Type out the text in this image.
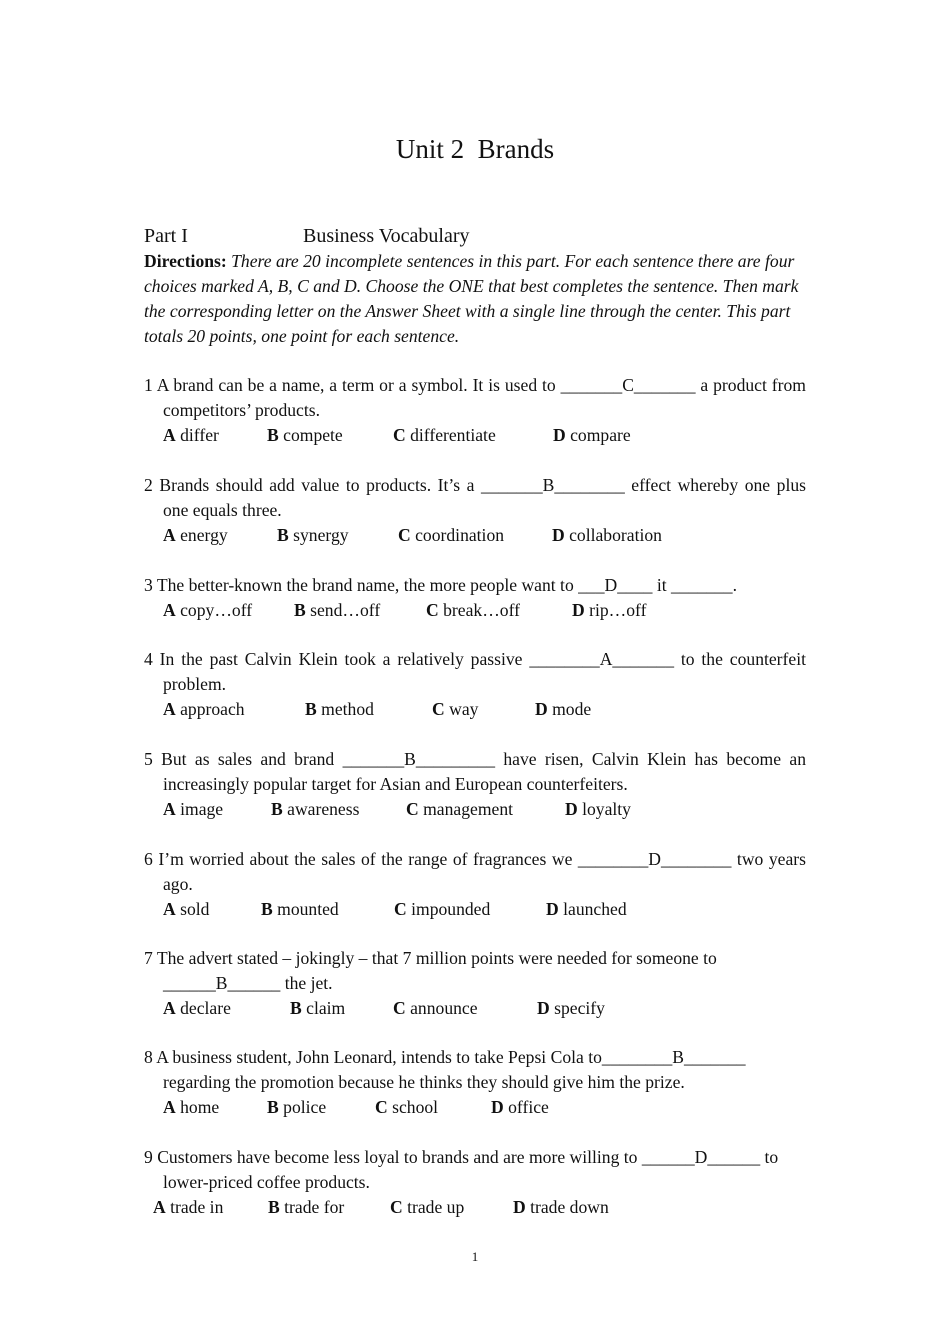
Unit 2  Brands
Part I	Business Vocabulary
Directions: There are 20 incomplete sentences in this part. For each sentence there are four choices marked A, B, C and D. Choose the ONE that best completes the sentence. Then mark the corresponding letter on the Answer Sheet with a single line through the center. This part totals 20 points, one point for each sentence.
1 A brand can be a name, a term or a symbol. It is used to _______C_______ a product from competitors’ products.
A differ	B compete	C differentiate	D compare
2 Brands should add value to products. It’s a _______B________ effect whereby one plus one equals three.
A energy	B synergy	C coordination	D collaboration
3 The better-known the brand name, the more people want to ___D____ it _______.
A copy…off B send…off	C break…off	D rip…off
4 In the past Calvin Klein took a relatively passive ________A_______ to the counterfeit problem.
A approach	B method	C way	D mode
5 But as sales and brand _______B_________ have risen, Calvin Klein has become an increasingly popular target for Asian and European counterfeiters.
A image	B awareness	C management	D loyalty
6 I’m worried about the sales of the range of fragrances we ________D________ two years ago.
A sold	B mounted	C impounded	D launched
7 The advert stated – jokingly – that 7 million points were needed for someone to ______B______ the jet.
A declare	B claim	C announce	D specify
8 A business student, John Leonard, intends to take Pepsi Cola to________B_______ regarding the promotion because he thinks they should give him the prize.
A home	B police	C school	D office
9 Customers have become less loyal to brands and are more willing to ______D______ to lower-priced coffee products.
A trade in	B trade for	C trade up	D trade down
1
